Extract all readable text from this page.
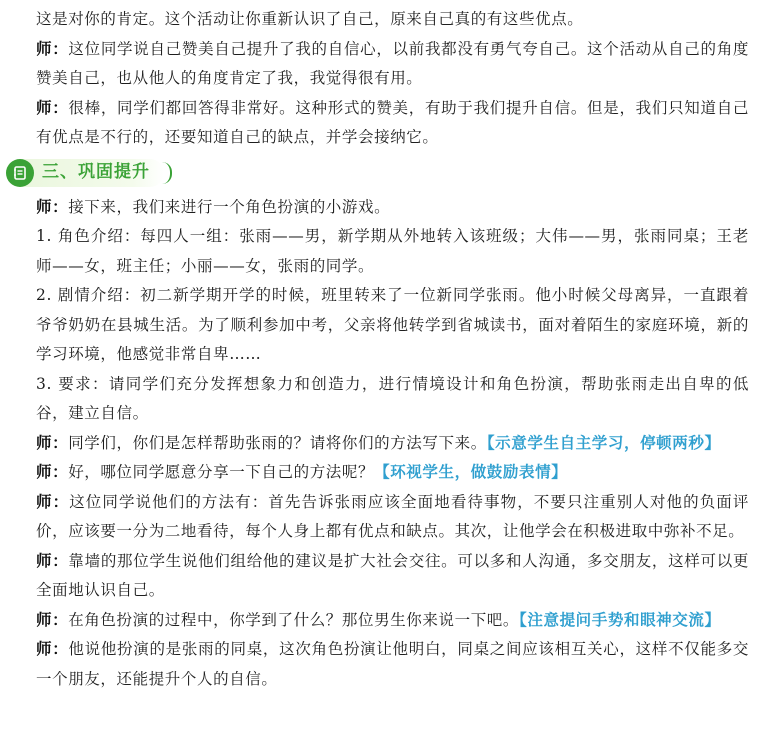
这是对你的肯定。这个活动让你重新认识了自己，原来自己真的有这些优点。

师：这位同学说自己赞美自己提升了我的自信心，以前我都没有勇气夸自己。这个活动从自己的角度赞美自己，也从他人的角度肯定了我，我觉得很有用。

师：很棒，同学们都回答得非常好。这种形式的赞美，有助于我们提升自信。但是，我们只知道自己有优点是不行的，还要知道自己的缺点，并学会接纳它。

三、巩固提升

师：接下来，我们来进行一个角色扮演的小游戏。

1. 角色介绍：每四人一组：张雨——男，新学期从外地转入该班级；大伟——男，张雨同桌；王老师——女，班主任；小丽——女，张雨的同学。

2. 剧情介绍：初二新学期开学的时候，班里转来了一位新同学张雨。他小时候父母离异，一直跟着爷爷奶奶在县城生活。为了顺利参加中考，父亲将他转学到省城读书，面对着陌生的家庭环境，新的学习环境，他感觉非常自卑……

3. 要求：请同学们充分发挥想象力和创造力，进行情境设计和角色扮演，帮助张雨走出自卑的低谷，建立自信。

师：同学们，你们是怎样帮助张雨的？请将你们的方法写下来。【示意学生自主学习，停顿两秒】

师：好，哪位同学愿意分享一下自己的方法呢？【环视学生，做鼓励表情】

师：这位同学说他们的方法有：首先告诉张雨应该全面地看待事物，不要只注重别人对他的负面评价，应该要一分为二地看待，每个人身上都有优点和缺点。其次，让他学会在积极进取中弥补不足。

师：靠墙的那位学生说他们组给他的建议是扩大社会交往。可以多和人沟通，多交朋友，这样可以更全面地认识自己。

师：在角色扮演的过程中，你学到了什么？那位男生你来说一下吧。【注意提问手势和眼神交流】

师：他说他扮演的是张雨的同桌，这次角色扮演让他明白，同桌之间应该相互关心，这样不仅能多交一个朋友，还能提升个人的自信。
